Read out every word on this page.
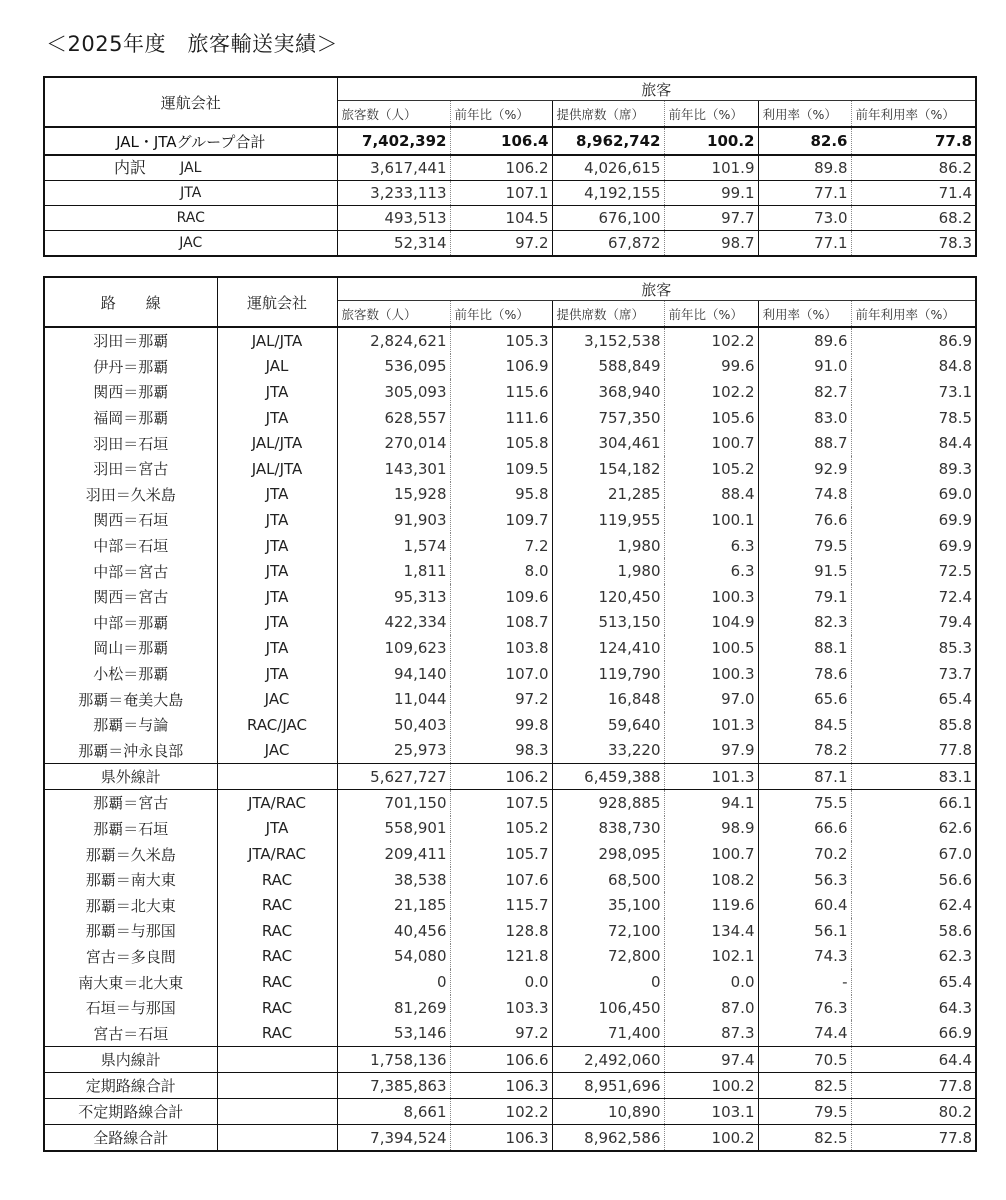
＜2025年度　旅客輸送実績＞
運航会社	旅客					
	旅客数（人）	前年比（%）	提供席数（席）	前年比（%）	利用率（%）	前年利用率（%）
JAL・JTAグループ合計	7,402,392	106.4	8,962,742	100.2	82.6	77.8

内訳 JAL	3,617,441	106.2	4,026,615	101.9	89.8	86.2
JTA	3,233,113	107.1	4,192,155	99.1	77.1	71.4
RAC	493,513	104.5	676,100	97.7	73.0	68.2
JAC	52,314	97.2	67,872	98.7	77.1	78.3
路　　線	運航会社	旅客					
		旅客数（人）	前年比（%）	提供席数（席）	前年比（%）	利用率（%）	前年利用率（%）
羽田＝那覇	JAL/JTA	2,824,621	105.3	3,152,538	102.2	89.6	86.9
伊丹＝那覇	JAL	536,095	106.9	588,849	99.6	91.0	84.8
関西＝那覇	JTA	305,093	115.6	368,940	102.2	82.7	73.1
福岡＝那覇	JTA	628,557	111.6	757,350	105.6	83.0	78.5
羽田＝石垣	JAL/JTA	270,014	105.8	304,461	100.7	88.7	84.4
羽田＝宮古	JAL/JTA	143,301	109.5	154,182	105.2	92.9	89.3
羽田＝久米島	JTA	15,928	95.8	21,285	88.4	74.8	69.0
関西＝石垣	JTA	91,903	109.7	119,955	100.1	76.6	69.9
中部＝石垣	JTA	1,574	7.2	1,980	6.3	79.5	69.9
中部＝宮古	JTA	1,811	8.0	1,980	6.3	91.5	72.5
関西＝宮古	JTA	95,313	109.6	120,450	100.3	79.1	72.4
中部＝那覇	JTA	422,334	108.7	513,150	104.9	82.3	79.4
岡山＝那覇	JTA	109,623	103.8	124,410	100.5	88.1	85.3
小松＝那覇	JTA	94,140	107.0	119,790	100.3	78.6	73.7
那覇＝奄美大島	JAC	11,044	97.2	16,848	97.0	65.6	65.4
那覇＝与論	RAC/JAC	50,403	99.8	59,640	101.3	84.5	85.8
那覇＝沖永良部	JAC	25,973	98.3	33,220	97.9	78.2	77.8
県外線計		5,627,727	106.2	6,459,388	101.3	87.1	83.1
那覇＝宮古	JTA/RAC	701,150	107.5	928,885	94.1	75.5	66.1
那覇＝石垣	JTA	558,901	105.2	838,730	98.9	66.6	62.6
那覇＝久米島	JTA/RAC	209,411	105.7	298,095	100.7	70.2	67.0
那覇＝南大東	RAC	38,538	107.6	68,500	108.2	56.3	56.6
那覇＝北大東	RAC	21,185	115.7	35,100	119.6	60.4	62.4
那覇＝与那国	RAC	40,456	128.8	72,100	134.4	56.1	58.6
宮古＝多良間	RAC	54,080	121.8	72,800	102.1	74.3	62.3
南大東＝北大東	RAC	0	0.0	0	0.0	-	65.4
石垣＝与那国	RAC	81,269	103.3	106,450	87.0	76.3	64.3
宮古＝石垣	RAC	53,146	97.2	71,400	87.3	74.4	66.9
県内線計		1,758,136	106.6	2,492,060	97.4	70.5	64.4
定期路線合計		7,385,863	106.3	8,951,696	100.2	82.5	77.8
不定期路線合計		8,661	102.2	10,890	103.1	79.5	80.2
全路線合計		7,394,524	106.3	8,962,586	100.2	82.5	77.8
